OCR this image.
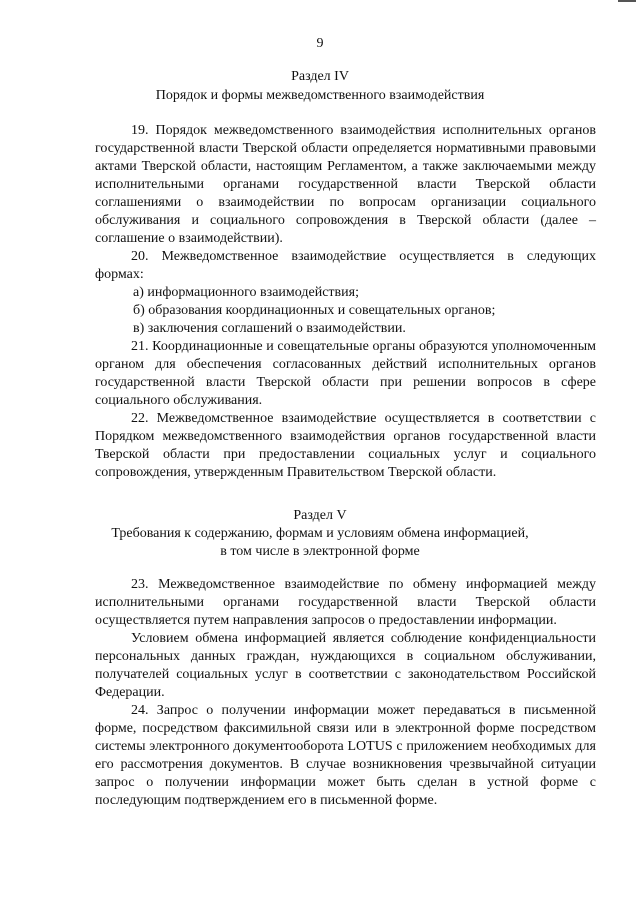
9
Раздел IV
Порядок и формы межведомственного взаимодействия

19. Порядок межведомственного взаимодействия исполнительных органов государственной власти Тверской области определяется нормативными правовыми актами Тверской области, настоящим Регламентом, а также заключаемыми между исполнительными органами государственной власти Тверской области соглашениями о взаимодействии по вопросам организации социального обслуживания и социального сопровождения в Тверской области (далее – соглашение о взаимодействии).

20. Межведомственное взаимодействие осуществляется в следующих формах:

а) информационного взаимодействия;

б) образования координационных и совещательных органов;

в) заключения соглашений о взаимодействии.

21. Координационные и совещательные органы образуются уполномоченным органом для обеспечения согласованных действий исполнительных органов государственной власти Тверской области при решении вопросов в сфере социального обслуживания.

22. Межведомственное взаимодействие осуществляется в соответствии с Порядком межведомственного взаимодействия органов государственной власти Тверской области при предоставлении социальных услуг и социального сопровождения, утвержденным Правительством Тверской области.

Раздел V
Требования к содержанию, формам и условиям обмена информацией,
в том числе в электронной форме

23. Межведомственное взаимодействие по обмену информацией между исполнительными органами государственной власти Тверской области осуществляется путем направления запросов о предоставлении информации.

Условием обмена информацией является соблюдение конфиденциальности персональных данных граждан, нуждающихся в социальном обслуживании, получателей социальных услуг в соответствии с законодательством Российской Федерации.

24. Запрос о получении информации может передаваться в письменной форме, посредством факсимильной связи или в электронной форме посредством системы электронного документооборота LOTUS с приложением необходимых для его рассмотрения документов. В случае возникновения чрезвычайной ситуации запрос о получении информации может быть сделан в устной форме с последующим подтверждением его в письменной форме.
